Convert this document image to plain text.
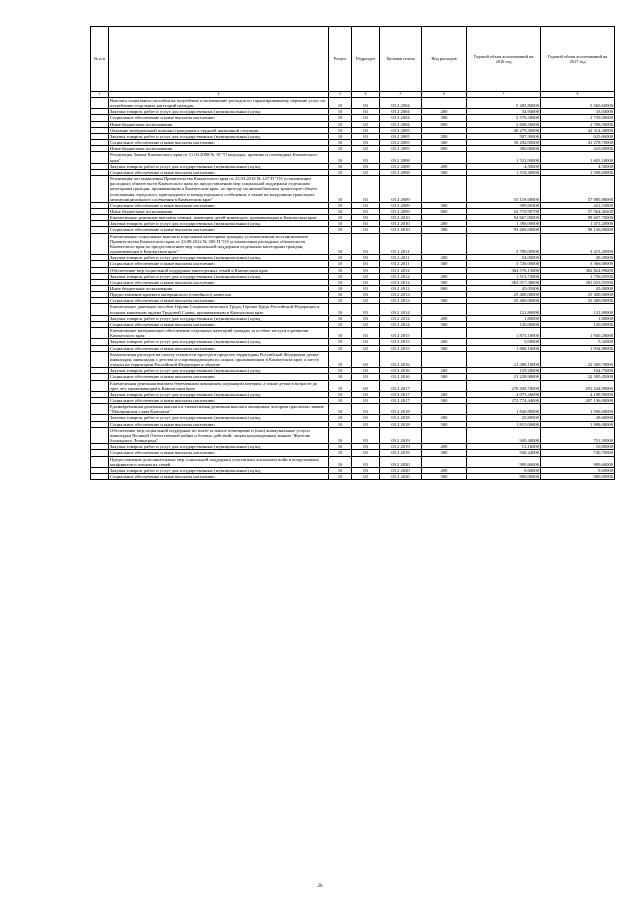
№ п/п		Раздел	Подраздел	Целевая статья	Вид расходов	Годовой объем ассигнований на 2016 год	Годовой объем ассигнований на 2017 год
1	2	3	4	5	6	7	8
	Выплата социального пособия на погребение и возмещение расходов по гарантированному перечню услуг по погребению отдельных категорий граждан	10	03	03 2 2004		5 285,80000	5 560,60000
	Закупка товаров, работ и услуг для государственных (муниципальных) нужд	10	03	03 2 2004	200	34,94000	33,04000
	Социальное обеспечение и иные выплаты населению	10	03	03 2 2004	300	2 576,30000	2 739,00000
	Иные бюджетные ассигнования	10	03	03 2 2004	800	2 668,56000	2 788,56000
	Оказание материальной помощи гражданам в трудной жизненной ситуации	10	03	03 2 2005		40 279,30000	42 314,30000
	Закупка товаров, работ и услуг для государственных (муниципальных) нужд	10	03	03 2 2005	200	597,30000	625,60000
	Социальное обеспечение и иные выплаты населению	10	03	03 2 2005	300	39 292,00000	41 278,70000
	Иные бюджетные ассигнования	10	03	03 2 2005	800	390,00000	410,00000
	Реализация Закона Камчатского края от 11.03.2008 № 18 "О наградах, премиях и стипендиях Камчатского края"	10	03	03 2 2008		1 523,90000	1 603,10000
	Закупка товаров, работ и услуг для государственных (муниципальных) нужд	10	03	03 2 2008	200	4,50000	4,50000
	Социальное обеспечение и иные выплаты населению	10	03	03 2 2008	300	1 519,40000	1 598,60000
	Реализация постановления Правительства Камчатского края от 23.03.2010 № 127-П "Об установлении расходных обязательств Камчатского края по предоставлению мер социальной поддержки отдельным категориям граждан, проживающим в Камчатском крае, по проезду на автомобильном транспорте общего пользования городского, пригородного и междугородного сообщения, а также на воздушном транспорте межмуниципального сообщения в Камчатском крае"	10	03	03 2 2009		55 119,60000	57 985,80000
	Социальное обеспечение и иные выплаты населению	10	03	03 2 2009	300	399,69300	421,53800
	Иные бюджетные ассигнования	10	03	03 2 2009	800	54 719,90700	57 564,46200
	Ежемесячные денежные выплаты семьям, имеющим детей-инвалидов, проживающим в Камчатском крае	10	03	03 2 2010		94 667,00000	99 607,70000
	Закупка товаров, работ и услуг для государственных (муниципальных) нужд	10	03	03 2 2010	200	1 398,00000	1 471,20000
	Социальное обеспечение и иные выплаты населению	10	03	03 2 2010	300	93 269,00000	98 136,00000
	Ежемесячные социальные выплаты отдельным категориям граждан, установленные постановлением Правительства Камчатского края от 23.08.2012 № 385-П "Об установлении расходных обязательств Камчатского края по предоставлению мер социальной поддержки отдельным категориям граждан, проживающим в Камчатском крае"	10	03	03 2 2011		3 780,00000	3 415,20000
	Закупка товаров, работ и услуг для государственных (муниципальных) нужд	10	03	03 2 2011	200	54,00000	49,20000
	Социальное обеспечение и иные выплаты населению	10	03	03 2 2011	300	3 726,00000	3 366,00000
	Обеспечение мер социальной поддержки многодетных семей в Камчатском крае	10	03	03 2 2012		364 576,15000	382 824,99000
	Закупка товаров, работ и услуг для государственных (муниципальных) нужд	10	03	03 2 2012	200	1 513,72000	1 756,05500
	Социальное обеспечение и иные выплаты населению	10	03	03 2 2012	300	363 017,38000	381 023,93500
	Иные бюджетные ассигнования	10	03	03 2 2012	800	45,05000	45,00000
	Предоставление краевого материнского (семейного) капитала	10	03	03 2 2013		25 400,00000	25 400,00000
	Социальное обеспечение и иные выплаты населению	10	03	03 2 2013	300	25 400,00000	25 400,00000
	Ежемесячное денежное пособие Героям Социалистического Труда, Героям Труда Российской Федерации и полным кавалерам ордена Трудовой Славы, проживающим в Камчатском крае	10	03	03 2 2014		121,80000	121,80000
	Закупка товаров, работ и услуг для государственных (муниципальных) нужд	10	03	03 2 2014	200	1,80000	1,80000
	Социальное обеспечение и иные выплаты населению	10	03	03 2 2014	300	120,00000	120,00000
	Ежемесячное материальное обеспечение отдельных категорий граждан за особые заслуги в развитии Камчатского края	10	03	03 2 2015		1 873,10000	1 940,20000
	Закупка товаров, работ и услуг для государственных (муниципальных) нужд	10	03	03 2 2015	200	5,00000	5,32000
	Социальное обеспечение и иные выплаты населению	10	03	03 2 2015	300	1 868,10000	1 934,88000
	Компенсация расходов на оплату стоимости проезда в пределах территории Российской Федерации детям-инвалидам, инвалидам с детства и сопровождающим их лицам, проживающим в Камчатском крае, к месту отдыха на территории Российской Федерации и обратно	10	03	03 2 2016		21 388,10000	22 500,70000
	Закупка товаров, работ и услуг для государственных (муниципальных) нужд	10	03	03 2 2016	200	159,20000	104,75000
	Социальное обеспечение и иные выплаты населению	10	03	03 2 2016	300	21 228,90000	22 395,45000
	Ежемесячная денежная выплата беременным женщинам, кормящим матерям, а также детям в возрасте до трех лет, проживающим в Камчатском крае	10	03	03 2 2017		276 849,70000	291 244,90000
	Закупка товаров, работ и услуг для государственных (муниципальных) нужд	10	03	03 2 2017	200	4 075,26000	4 108,90000
	Социальное обеспечение и иные выплаты населению	10	03	03 2 2017	300	272 774,44000	287 136,00000
	Единовременная денежная выплата и ежемесячная денежная выплата женщинам, которым присвоено звание "Материнская слава Камчатки"	10	03	03 2 2018		1 840,80000	1 936,60000
	Закупка товаров, работ и услуг для государственных (муниципальных) нужд	10	03	03 2 2018	200	25,80000	28,60000
	Социальное обеспечение и иные выплаты населению	10	03	03 2 2018	300	1 815,00000	1 908,00000
	Обеспечение мер социальной поддержки по плате за жилое помещение и (или) коммунальные услуги инвалидам Великой Отечественной войны и боевых действий, лицам награжденным знаком "Жителю блокадного Ленинграда"	10	03	03 2 2019		949,40000	751,50000
	Закупка товаров, работ и услуг для государственных (муниципальных) нужд	10	03	03 2 2019	200	13,16000	10,80000
	Социальное обеспечение и иные выплаты населению	10	03	03 2 2019	300	936,24000	740,70000
	Предоставление дополнительных мер социальной поддержки участникам локальных войн и вооруженных конфликтов и членам их семей	10	03	03 2 2020		909,60000	909,60000
	Закупка товаров, работ и услуг для государственных (муниципальных) нужд	10	03	03 2 2020	200	9,60000	9,60000
	Социальное обеспечение и иные выплаты населению	10	03	03 2 2020	300	900,00000	900,00000
26
